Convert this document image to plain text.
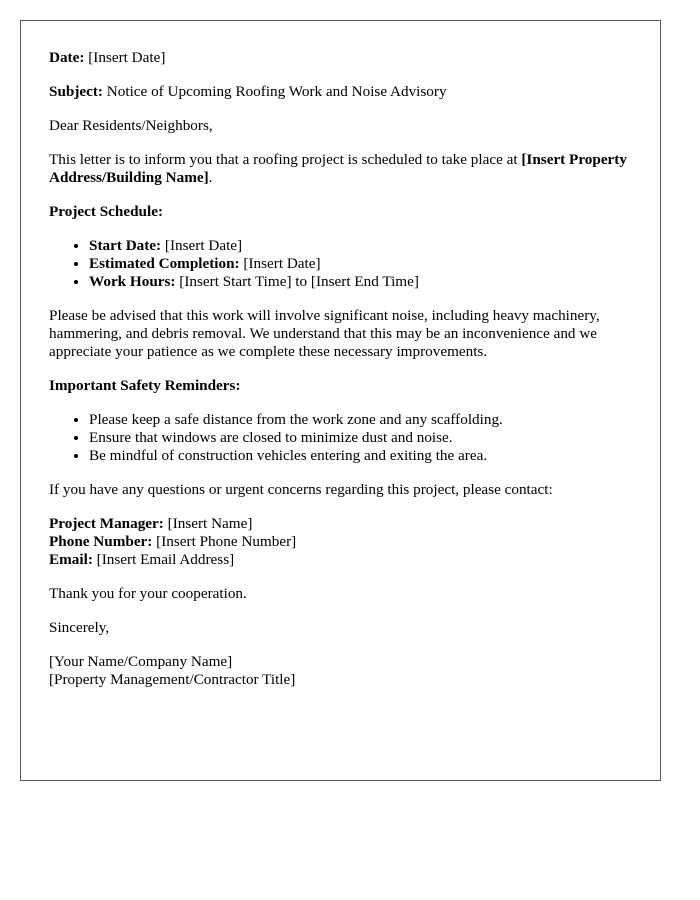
Date: [Insert Date]

Subject: Notice of Upcoming Roofing Work and Noise Advisory

Dear Residents/Neighbors,

This letter is to inform you that a roofing project is scheduled to take place at [Insert Property Address/Building Name].

Project Schedule:

• Start Date: [Insert Date]
• Estimated Completion: [Insert Date]
• Work Hours: [Insert Start Time] to [Insert End Time]

Please be advised that this work will involve significant noise, including heavy machinery, hammering, and debris removal. We understand that this may be an inconvenience and we appreciate your patience as we complete these necessary improvements.

Important Safety Reminders:

• Please keep a safe distance from the work zone and any scaffolding.
• Ensure that windows are closed to minimize dust and noise.
• Be mindful of construction vehicles entering and exiting the area.

If you have any questions or urgent concerns regarding this project, please contact:

Project Manager: [Insert Name]

Phone Number: [Insert Phone Number]

Email: [Insert Email Address]

Thank you for your cooperation.

Sincerely,

[Your Name/Company Name]

[Property Management/Contractor Title]
